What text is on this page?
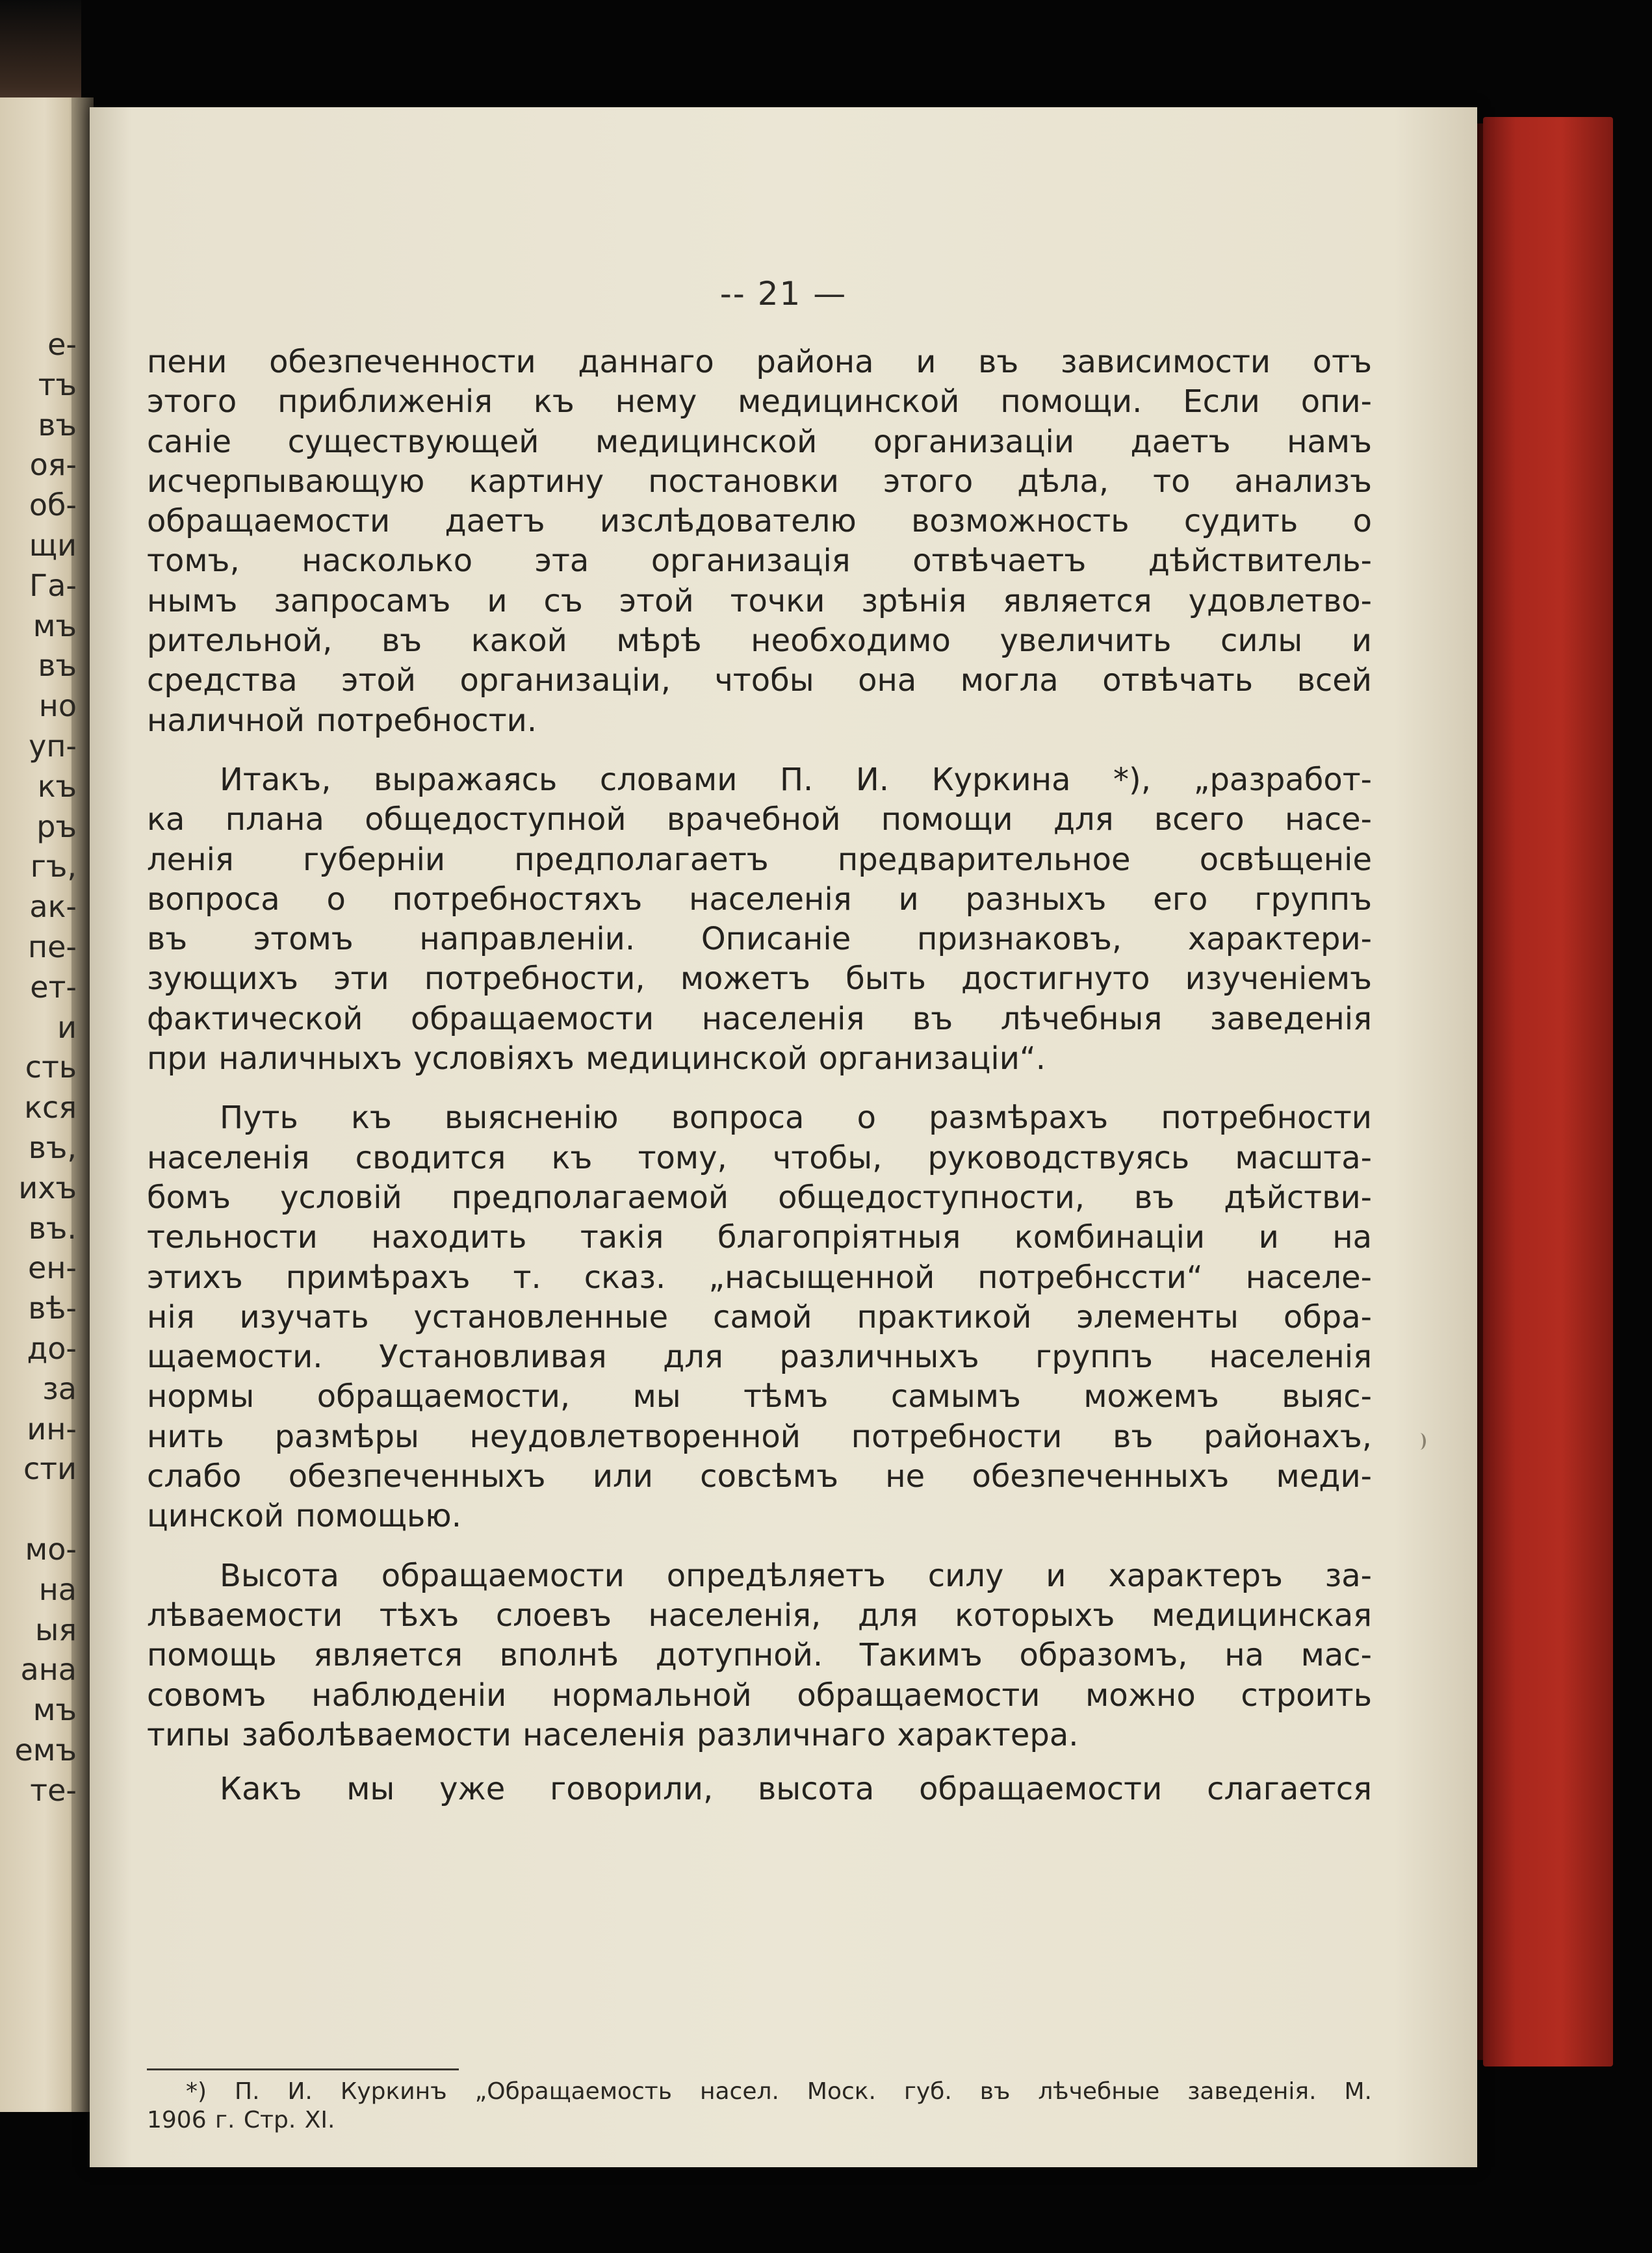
е-
тъ
въ
оя-
об-
щи
Га-
мъ
въ
но
уп-
къ
ръ
гъ,
ак-
пе-
ет-
и
сть
кся
въ,
ихъ
въ.
ен-
вѣ-
до-
за
ин-
сти
мо-
на
ыя
ана
мъ
емъ
те-
-- 21 —
пени обезпеченности даннаго района и въ зависимости отъ
этого приближенія къ нему медицинской помощи. Если опи-
саніе существующей медицинской организаціи даетъ намъ
исчерпывающую картину постановки этого дѣла, то анализъ
обращаемости даетъ изслѣдователю возможность судить о
томъ, насколько эта организація отвѣчаетъ дѣйствитель-
нымъ запросамъ и съ этой точки зрѣнія является удовлетво-
рительной, въ какой мѣрѣ необходимо увеличить силы и
средства этой организаціи, чтобы она могла отвѣчать всей
наличной потребности.
Итакъ, выражаясь словами П. И. Куркина *), „разработ-
ка плана общедоступной врачебной помощи для всего насе-
ленія губерніи предполагаетъ предварительное освѣщеніе
вопроса о потребностяхъ населенія и разныхъ его группъ
въ этомъ направленіи. Описаніе признаковъ, характери-
зующихъ эти потребности, можетъ быть достигнуто изученіемъ
фактической обращаемости населенія въ лѣчебныя заведенія
при наличныхъ условіяхъ медицинской организаціи“.
Путь къ выясненію вопроса о размѣрахъ потребности
населенія сводится къ тому, чтобы, руководствуясь масшта-
бомъ условій предполагаемой общедоступности, въ дѣйстви-
тельности находить такія благопріятныя комбинаціи и на
этихъ примѣрахъ т. сказ. „насыщенной потребнссти“ населе-
нія изучать установленные самой практикой элементы обра-
щаемости. Установливая для различныхъ группъ населенія
нормы обращаемости, мы тѣмъ самымъ можемъ выяс-
нить размѣры неудовлетворенной потребности въ районахъ,
слабо обезпеченныхъ или совсѣмъ не обезпеченныхъ меди-
цинской помощью.
Высота обращаемости опредѣляетъ силу и характеръ за-
лѣваемости тѣхъ слоевъ населенія, для которыхъ медицинская
помощь является вполнѣ дотупной. Такимъ образомъ, на мас-
совомъ наблюденіи нормальной обращаемости можно строить
типы заболѣваемости населенія различнаго характера.
Какъ мы уже говорили, высота обращаемости слагается
*) П. И. Куркинъ „Обращаемость насел. Моск. губ. въ лѣчебные заведенія. М.
1906 г. Стр. XI.
